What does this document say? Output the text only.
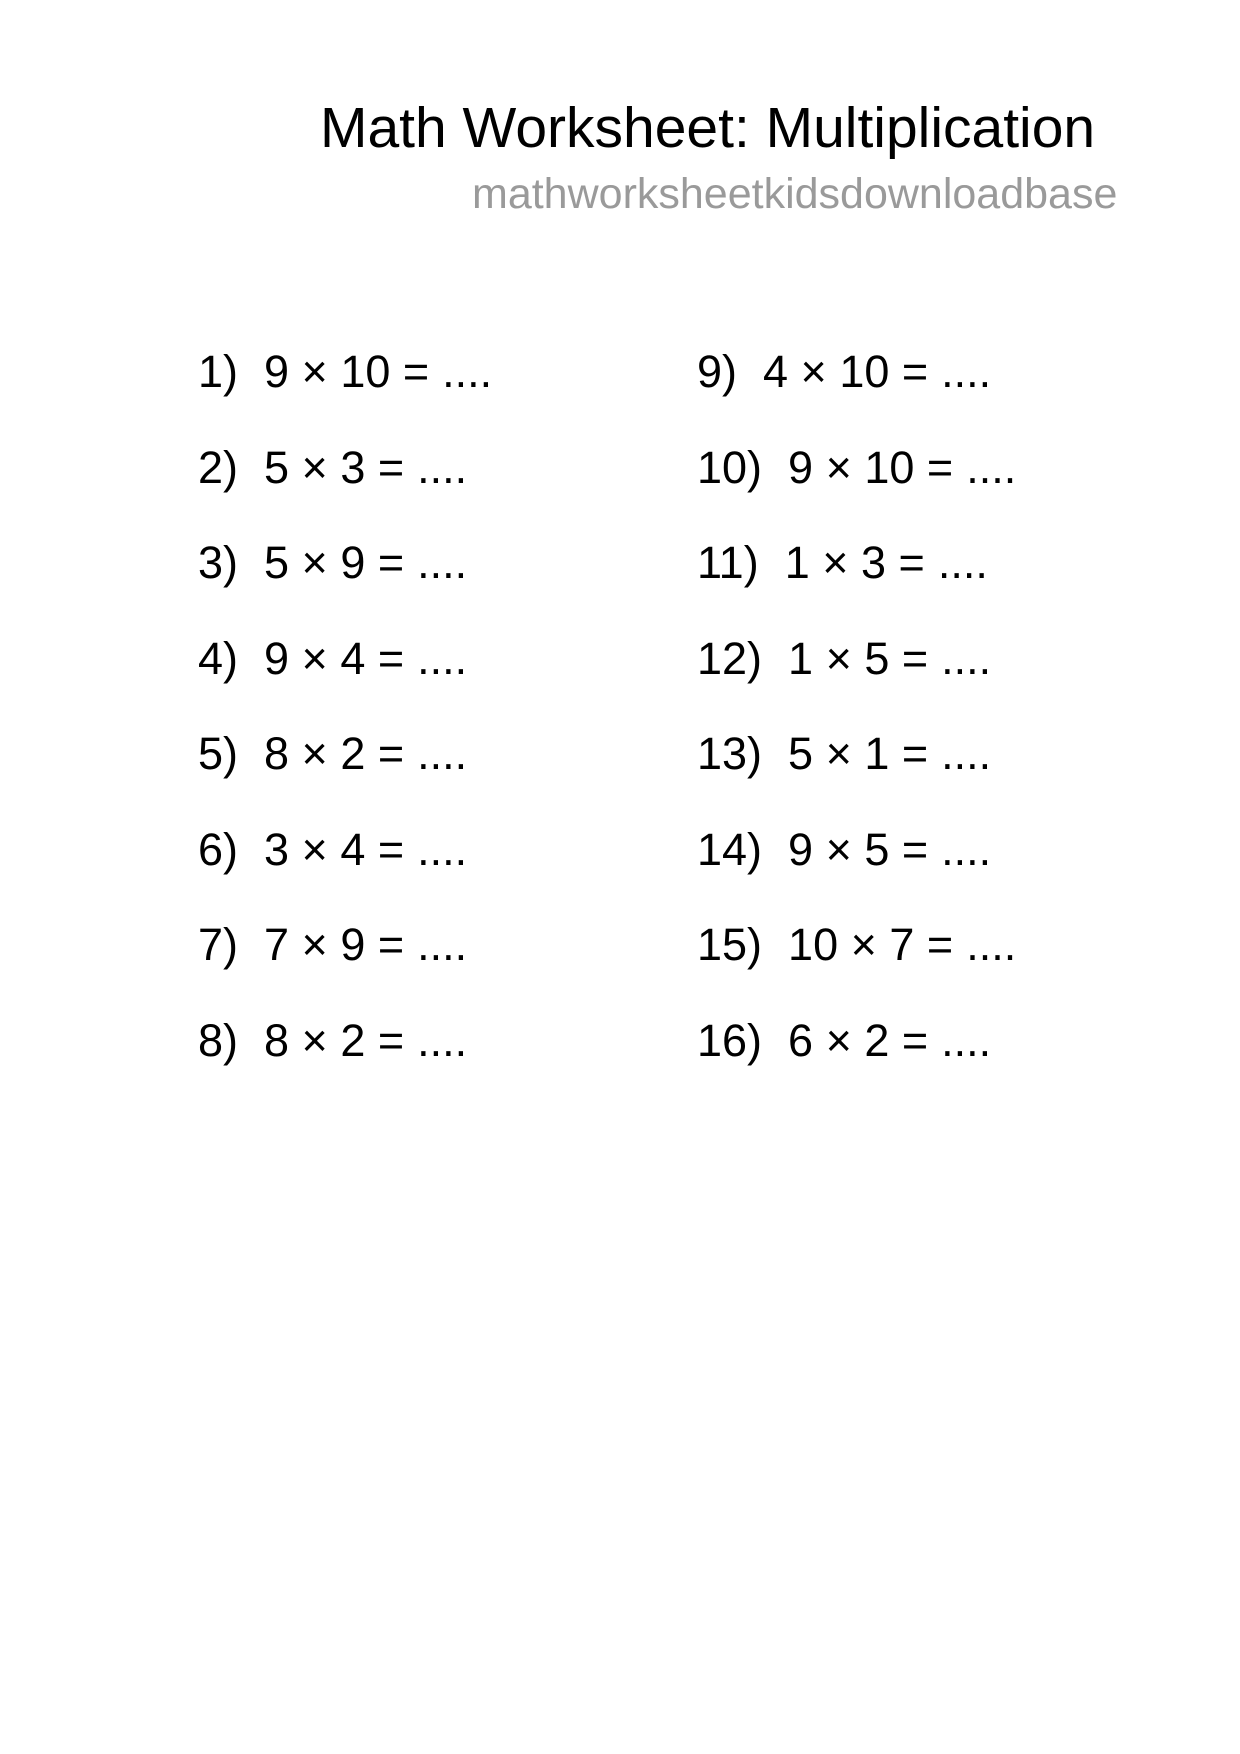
Math Worksheet: Multiplication
mathworksheetkidsdownloadbase
1) 9 × 10 = ....
2) 5 × 3 = ....
3) 5 × 9 = ....
4) 9 × 4 = ....
5) 8 × 2 = ....
6) 3 × 4 = ....
7) 7 × 9 = ....
8) 8 × 2 = ....
9) 4 × 10 = ....
10) 9 × 10 = ....
11) 1 × 3 = ....
12) 1 × 5 = ....
13) 5 × 1 = ....
14) 9 × 5 = ....
15) 10 × 7 = ....
16) 6 × 2 = ....
